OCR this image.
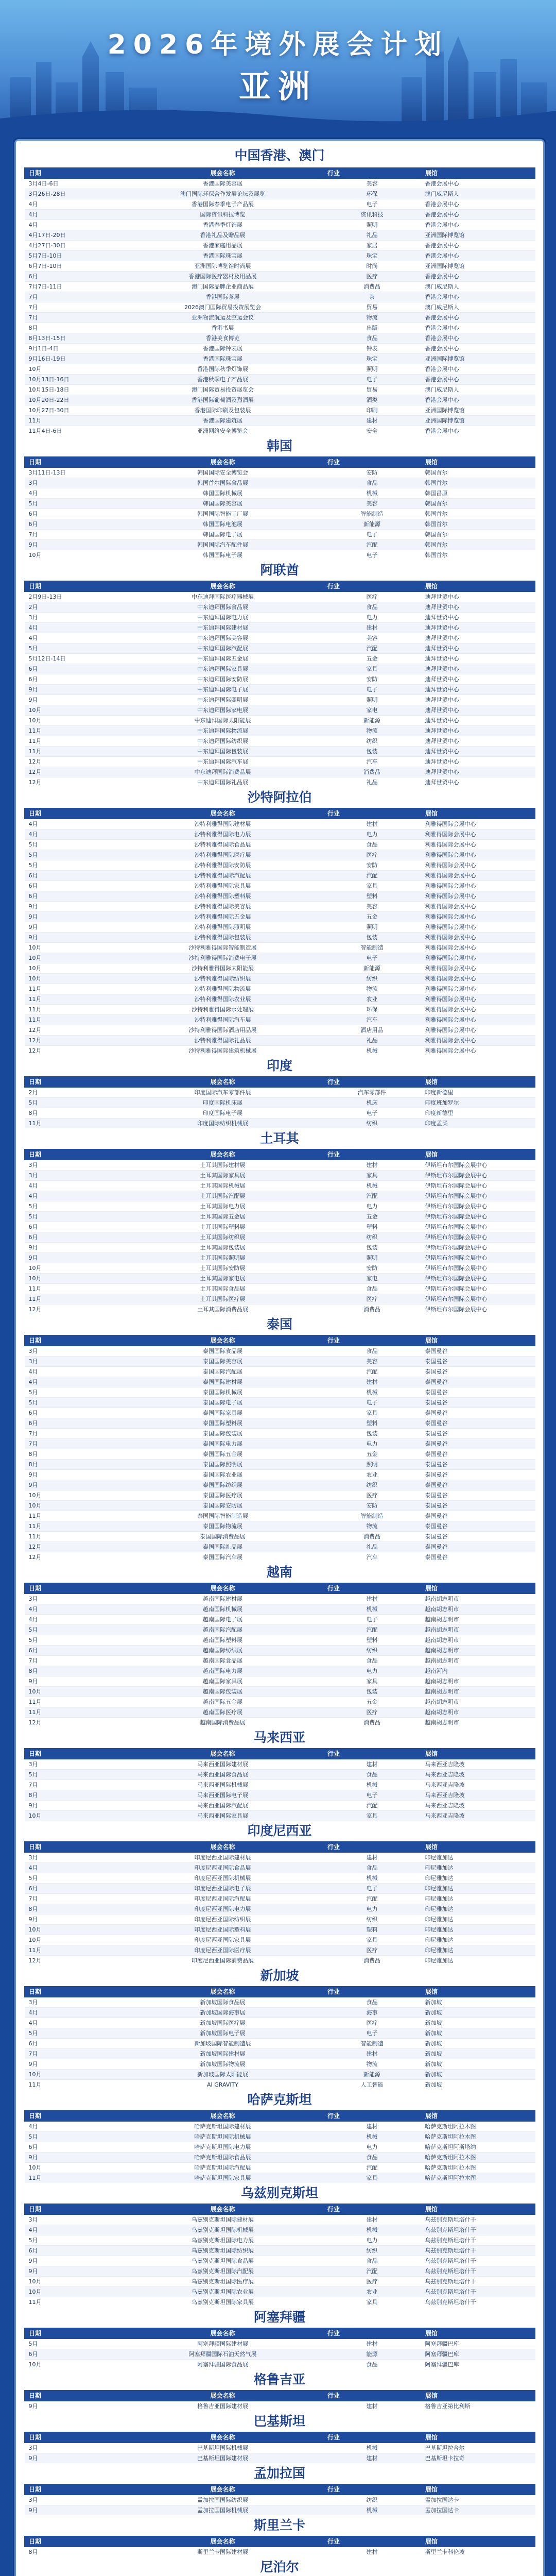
2026年境外展会计划
亚洲
中国香港、澳门
日期	展会名称	行业	展馆
3月4日-6日	香港国际美容展	美容	香港会展中心
3月26日-28日	澳门国际环保合作发展论坛及展览	环保	澳门威尼斯人
4月	香港国际春季电子产品展	电子	香港会展中心
4月	国际资讯科技博览	资讯科技	香港会展中心
4月	香港春季灯饰展	照明	香港会展中心
4月17日-20日	香港礼品及赠品展	礼品	亚洲国际博览馆
4月27日-30日	香港家庭用品展	家居	香港会展中心
5月7日-10日	香港国际珠宝展	珠宝	香港会展中心
6月7日-10日	亚洲国际博览馆时尚展	时尚	亚洲国际博览馆
6月	香港国际医疗器材及用品展	医疗	香港会展中心
7月7日-11日	澳门国际品牌企业商品展	消费品	澳门威尼斯人
7月	香港国际茶展	茶	香港会展中心
7月	2026澳门国际贸易投资展览会	贸易	澳门威尼斯人
7月	亚洲物流航运及空运会议	物流	香港会展中心
8月	香港书展	出版	香港会展中心
8月13日-15日	香港美食博览	食品	香港会展中心
9月1日-4日	香港国际钟表展	钟表	香港会展中心
9月16日-19日	香港国际珠宝展	珠宝	亚洲国际博览馆
10月	香港国际秋季灯饰展	照明	香港会展中心
10月13日-16日	香港秋季电子产品展	电子	香港会展中心
10月15日-18日	澳门国际贸易投资展览会	贸易	澳门威尼斯人
10月20日-22日	香港国际葡萄酒及烈酒展	酒类	香港会展中心
10月27日-30日	香港国际印刷及包装展	印刷	亚洲国际博览馆
11月	香港国际建筑展	建材	亚洲国际博览馆
11月4日-6日	亚洲网络安全博览会	安全	香港会展中心
韩国
日期	展会名称	行业	展馆
3月11日-13日	韩国国际安全博览会	安防	韩国首尔
3月	韩国首尔国际食品展	食品	韩国首尔
4月	韩国国际机械展	机械	韩国昌原
5月	韩国国际美容展	美容	韩国首尔
6月	韩国国际智能工厂展	智能制造	韩国首尔
6月	韩国国际电池展	新能源	韩国首尔
7月	韩国国际电子展	电子	韩国首尔
9月	韩国国际汽车配件展	汽配	韩国首尔
10月	韩国国际电子展	电子	韩国首尔
阿联酋
日期	展会名称	行业	展馆
2月9日-13日	中东迪拜国际医疗器械展	医疗	迪拜世贸中心
2月	中东迪拜国际食品展	食品	迪拜世贸中心
3月	中东迪拜国际电力展	电力	迪拜世贸中心
4月	中东迪拜国际建材展	建材	迪拜世贸中心
4月	中东迪拜国际美容展	美容	迪拜世贸中心
5月	中东迪拜国际汽配展	汽配	迪拜世贸中心
5月12日-14日	中东迪拜国际五金展	五金	迪拜世贸中心
6月	中东迪拜国际家具展	家具	迪拜世贸中心
6月	中东迪拜国际安防展	安防	迪拜世贸中心
9月	中东迪拜国际电子展	电子	迪拜世贸中心
9月	中东迪拜国际照明展	照明	迪拜世贸中心
10月	中东迪拜国际家电展	家电	迪拜世贸中心
10月	中东迪拜国际太阳能展	新能源	迪拜世贸中心
11月	中东迪拜国际物流展	物流	迪拜世贸中心
11月	中东迪拜国际纺织展	纺织	迪拜世贸中心
11月	中东迪拜国际包装展	包装	迪拜世贸中心
12月	中东迪拜国际汽车展	汽车	迪拜世贸中心
12月	中东迪拜国际消费品展	消费品	迪拜世贸中心
12月	中东迪拜国际礼品展	礼品	迪拜世贸中心
沙特阿拉伯
日期	展会名称	行业	展馆
4月	沙特利雅得国际建材展	建材	利雅得国际会展中心
4月	沙特利雅得国际电力展	电力	利雅得国际会展中心
5月	沙特利雅得国际食品展	食品	利雅得国际会展中心
5月	沙特利雅得国际医疗展	医疗	利雅得国际会展中心
5月	沙特利雅得国际安防展	安防	利雅得国际会展中心
6月	沙特利雅得国际汽配展	汽配	利雅得国际会展中心
6月	沙特利雅得国际家具展	家具	利雅得国际会展中心
6月	沙特利雅得国际塑料展	塑料	利雅得国际会展中心
9月	沙特利雅得国际美容展	美容	利雅得国际会展中心
9月	沙特利雅得国际五金展	五金	利雅得国际会展中心
9月	沙特利雅得国际照明展	照明	利雅得国际会展中心
9月	沙特利雅得国际包装展	包装	利雅得国际会展中心
10月	沙特利雅得国际智能制造展	智能制造	利雅得国际会展中心
10月	沙特利雅得国际消费电子展	电子	利雅得国际会展中心
10月	沙特利雅得国际太阳能展	新能源	利雅得国际会展中心
10月	沙特利雅得国际纺织展	纺织	利雅得国际会展中心
11月	沙特利雅得国际物流展	物流	利雅得国际会展中心
11月	沙特利雅得国际农业展	农业	利雅得国际会展中心
11月	沙特利雅得国际水处理展	环保	利雅得国际会展中心
11月	沙特利雅得国际汽车展	汽车	利雅得国际会展中心
12月	沙特利雅得国际酒店用品展	酒店用品	利雅得国际会展中心
12月	沙特利雅得国际礼品展	礼品	利雅得国际会展中心
12月	沙特利雅得国际建筑机械展	机械	利雅得国际会展中心
印度
日期	展会名称	行业	展馆
2月	印度国际汽车零部件展	汽车零部件	印度新德里
5月	印度国际机床展	机床	印度班加罗尔
8月	印度国际电子展	电子	印度新德里
11月	印度国际纺织机械展	纺织	印度孟买
土耳其
日期	展会名称	行业	展馆
3月	土耳其国际建材展	建材	伊斯坦布尔国际会展中心
3月	土耳其国际家具展	家具	伊斯坦布尔国际会展中心
4月	土耳其国际机械展	机械	伊斯坦布尔国际会展中心
4月	土耳其国际汽配展	汽配	伊斯坦布尔国际会展中心
5月	土耳其国际电力展	电力	伊斯坦布尔国际会展中心
5月	土耳其国际五金展	五金	伊斯坦布尔国际会展中心
6月	土耳其国际塑料展	塑料	伊斯坦布尔国际会展中心
6月	土耳其国际纺织展	纺织	伊斯坦布尔国际会展中心
9月	土耳其国际包装展	包装	伊斯坦布尔国际会展中心
9月	土耳其国际照明展	照明	伊斯坦布尔国际会展中心
10月	土耳其国际安防展	安防	伊斯坦布尔国际会展中心
10月	土耳其国际家电展	家电	伊斯坦布尔国际会展中心
11月	土耳其国际食品展	食品	伊斯坦布尔国际会展中心
11月	土耳其国际医疗展	医疗	伊斯坦布尔国际会展中心
12月	土耳其国际消费品展	消费品	伊斯坦布尔国际会展中心
泰国
日期	展会名称	行业	展馆
3月	泰国国际食品展	食品	泰国曼谷
3月	泰国国际美容展	美容	泰国曼谷
4月	泰国国际汽配展	汽配	泰国曼谷
4月	泰国国际建材展	建材	泰国曼谷
5月	泰国国际机械展	机械	泰国曼谷
5月	泰国国际电子展	电子	泰国曼谷
6月	泰国国际家具展	家具	泰国曼谷
6月	泰国国际塑料展	塑料	泰国曼谷
7月	泰国国际包装展	包装	泰国曼谷
7月	泰国国际电力展	电力	泰国曼谷
8月	泰国国际五金展	五金	泰国曼谷
8月	泰国国际照明展	照明	泰国曼谷
9月	泰国国际农业展	农业	泰国曼谷
9月	泰国国际纺织展	纺织	泰国曼谷
10月	泰国国际医疗展	医疗	泰国曼谷
10月	泰国国际安防展	安防	泰国曼谷
11月	泰国国际智能制造展	智能制造	泰国曼谷
11月	泰国国际物流展	物流	泰国曼谷
11月	泰国国际消费品展	消费品	泰国曼谷
12月	泰国国际礼品展	礼品	泰国曼谷
12月	泰国国际汽车展	汽车	泰国曼谷
越南
日期	展会名称	行业	展馆
3月	越南国际建材展	建材	越南胡志明市
4月	越南国际机械展	机械	越南胡志明市
4月	越南国际电子展	电子	越南胡志明市
5月	越南国际汽配展	汽配	越南胡志明市
5月	越南国际塑料展	塑料	越南胡志明市
6月	越南国际纺织展	纺织	越南胡志明市
7月	越南国际食品展	食品	越南胡志明市
8月	越南国际电力展	电力	越南河内
9月	越南国际家具展	家具	越南胡志明市
10月	越南国际包装展	包装	越南胡志明市
11月	越南国际五金展	五金	越南胡志明市
11月	越南国际医疗展	医疗	越南胡志明市
12月	越南国际消费品展	消费品	越南胡志明市
马来西亚
日期	展会名称	行业	展馆
3月	马来西亚国际建材展	建材	马来西亚吉隆坡
5月	马来西亚国际食品展	食品	马来西亚吉隆坡
7月	马来西亚国际机械展	机械	马来西亚吉隆坡
8月	马来西亚国际电子展	电子	马来西亚吉隆坡
9月	马来西亚国际汽配展	汽配	马来西亚吉隆坡
10月	马来西亚国际家具展	家具	马来西亚吉隆坡
印度尼西亚
日期	展会名称	行业	展馆
3月	印度尼西亚国际建材展	建材	印尼雅加达
4月	印度尼西亚国际食品展	食品	印尼雅加达
5月	印度尼西亚国际机械展	机械	印尼雅加达
6月	印度尼西亚国际电子展	电子	印尼雅加达
7月	印度尼西亚国际汽配展	汽配	印尼雅加达
8月	印度尼西亚国际电力展	电力	印尼雅加达
9月	印度尼西亚国际纺织展	纺织	印尼雅加达
10月	印度尼西亚国际塑料展	塑料	印尼雅加达
10月	印度尼西亚国际家具展	家具	印尼雅加达
11月	印度尼西亚国际医疗展	医疗	印尼雅加达
12月	印度尼西亚国际消费品展	消费品	印尼雅加达
新加坡
日期	展会名称	行业	展馆
3月	新加坡国际食品展	食品	新加坡
4月	新加坡国际海事展	海事	新加坡
4月	新加坡国际医疗展	医疗	新加坡
5月	新加坡国际电子展	电子	新加坡
6月	新加坡国际智能制造展	智能制造	新加坡
7月	新加坡国际建材展	建材	新加坡
9月	新加坡国际物流展	物流	新加坡
10月	新加坡国际太阳能展	新能源	新加坡
11月	AI GRAVITY	人工智能	新加坡
哈萨克斯坦
日期	展会名称	行业	展馆
4月	哈萨克斯坦国际建材展	建材	哈萨克斯坦阿拉木图
5月	哈萨克斯坦国际机械展	机械	哈萨克斯坦阿拉木图
6月	哈萨克斯坦国际电力展	电力	哈萨克斯坦阿斯塔纳
9月	哈萨克斯坦国际食品展	食品	哈萨克斯坦阿拉木图
10月	哈萨克斯坦国际汽配展	汽配	哈萨克斯坦阿拉木图
11月	哈萨克斯坦国际家具展	家具	哈萨克斯坦阿拉木图
乌兹别克斯坦
日期	展会名称	行业	展馆
3月	乌兹别克斯坦国际建材展	建材	乌兹别克斯坦塔什干
4月	乌兹别克斯坦国际机械展	机械	乌兹别克斯坦塔什干
5月	乌兹别克斯坦国际电力展	电力	乌兹别克斯坦塔什干
6月	乌兹别克斯坦国际纺织展	纺织	乌兹别克斯坦塔什干
9月	乌兹别克斯坦国际食品展	食品	乌兹别克斯坦塔什干
9月	乌兹别克斯坦国际汽配展	汽配	乌兹别克斯坦塔什干
10月	乌兹别克斯坦国际医疗展	医疗	乌兹别克斯坦塔什干
10月	乌兹别克斯坦国际农业展	农业	乌兹别克斯坦塔什干
11月	乌兹别克斯坦国际家具展	家具	乌兹别克斯坦塔什干
阿塞拜疆
日期	展会名称	行业	展馆
5月	阿塞拜疆国际建材展	建材	阿塞拜疆巴库
6月	阿塞拜疆国际石油天然气展	能源	阿塞拜疆巴库
10月	阿塞拜疆国际食品展	食品	阿塞拜疆巴库
格鲁吉亚
日期	展会名称	行业	展馆
9月	格鲁吉亚国际建材展	建材	格鲁吉亚第比利斯
巴基斯坦
日期	展会名称	行业	展馆
3月	巴基斯坦国际机械展	机械	巴基斯坦拉合尔
9月	巴基斯坦国际建材展	建材	巴基斯坦卡拉奇
孟加拉国
日期	展会名称	行业	展馆
3月	孟加拉国国际纺织展	纺织	孟加拉国达卡
9月	孟加拉国国际机械展	机械	孟加拉国达卡
斯里兰卡
日期	展会名称	行业	展馆
8月	斯里兰卡国际建材展	建材	斯里兰卡科伦坡
尼泊尔
